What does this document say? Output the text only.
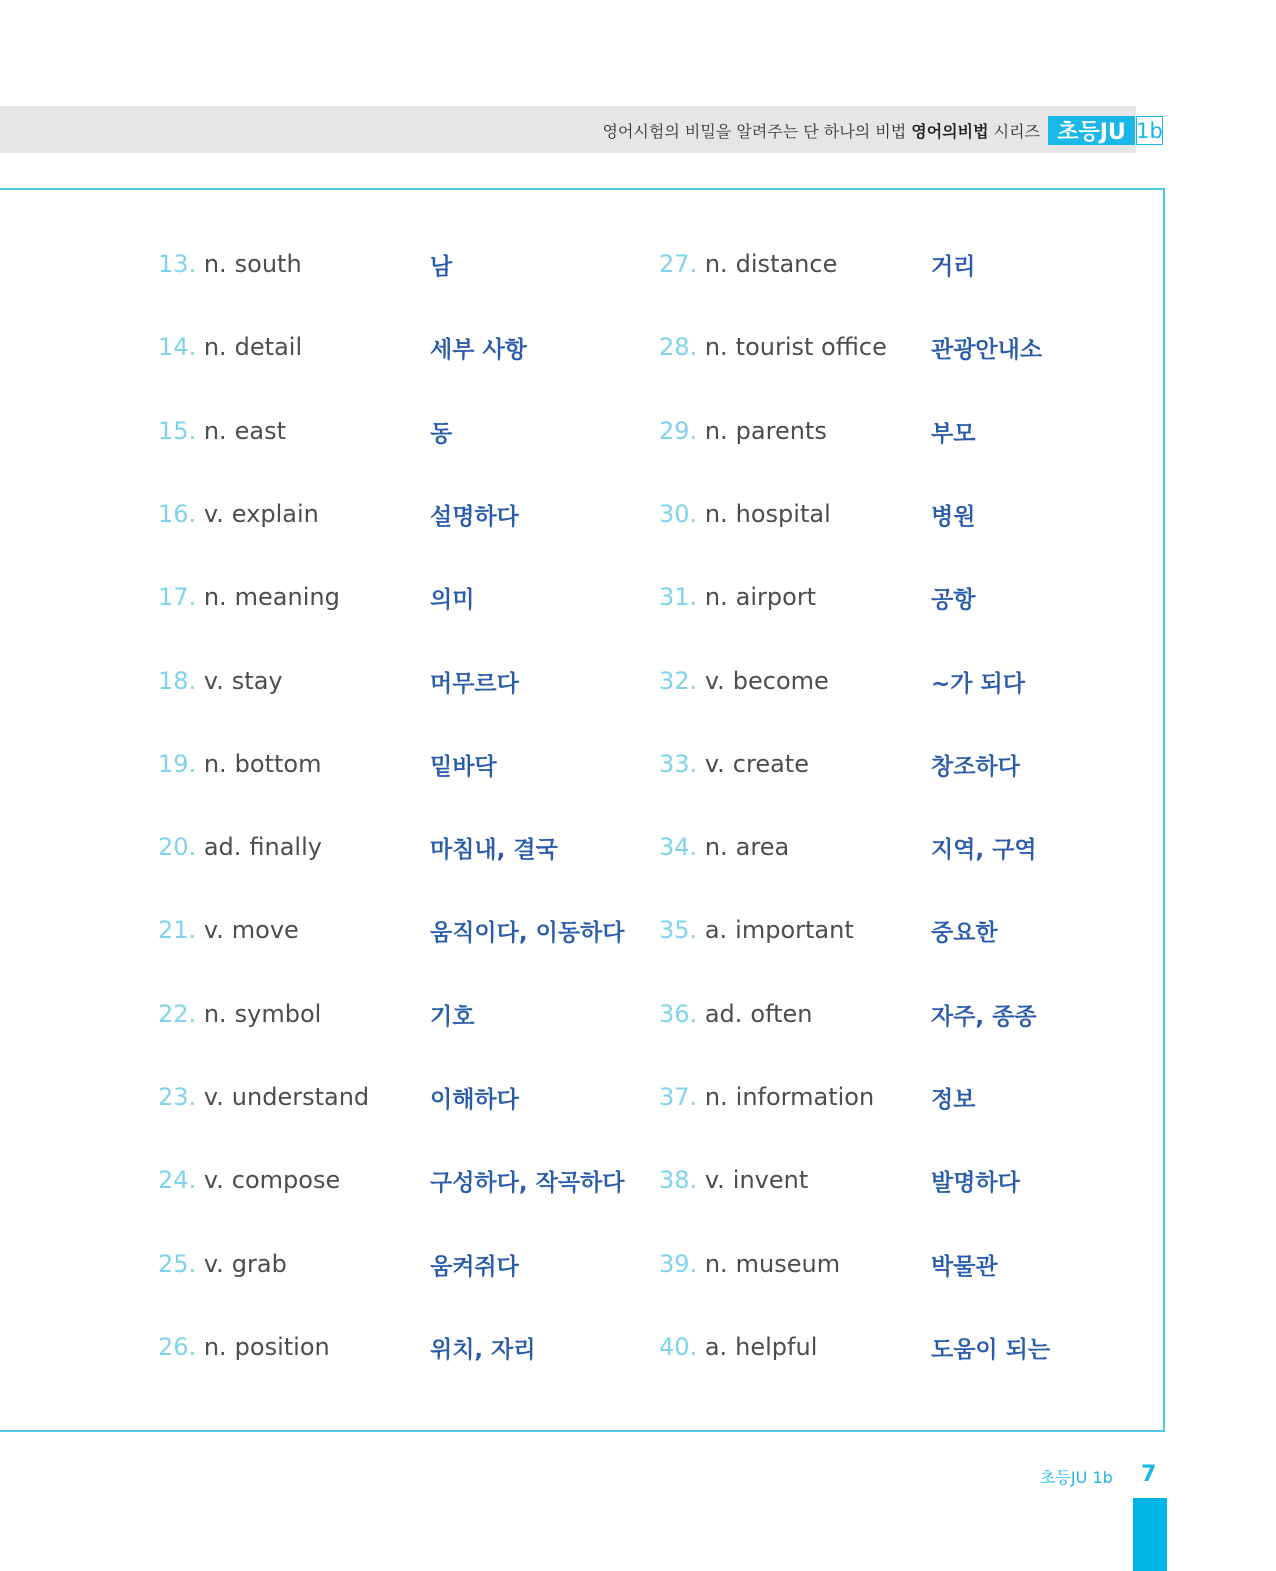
영어시험의 비밀을 알려주는 단 하나의 비법 영어의비법 시리즈 초등JU 1b
13. n. south	남
14. n. detail	세부 사항
15. n. east	동
16. v. explain	설명하다
17. n. meaning	의미
18. v. stay	머무르다
19. n. bottom	밑바닥
20. ad. finally	마침내, 결국
21. v. move	움직이다, 이동하다
22. n. symbol	기호
23. v. understand	이해하다
24. v. compose	구성하다, 작곡하다
25. v. grab	움켜쥐다
26. n. position	위치, 자리
27. n. distance	거리
28. n. tourist office 관광안내소
29. n. parents	부모
30. n. hospital	병원
31. n. airport	공항
32. v. become	~가 되다
33. v. create	창조하다
34. n. area	지역, 구역
35. a. important	중요한
36. ad. often	자주, 종종
37. n. information 정보
38. v. invent	발명하다
39. n. museum	박물관
40. a. helpful	도움이 되는
초등JU 1b 7
